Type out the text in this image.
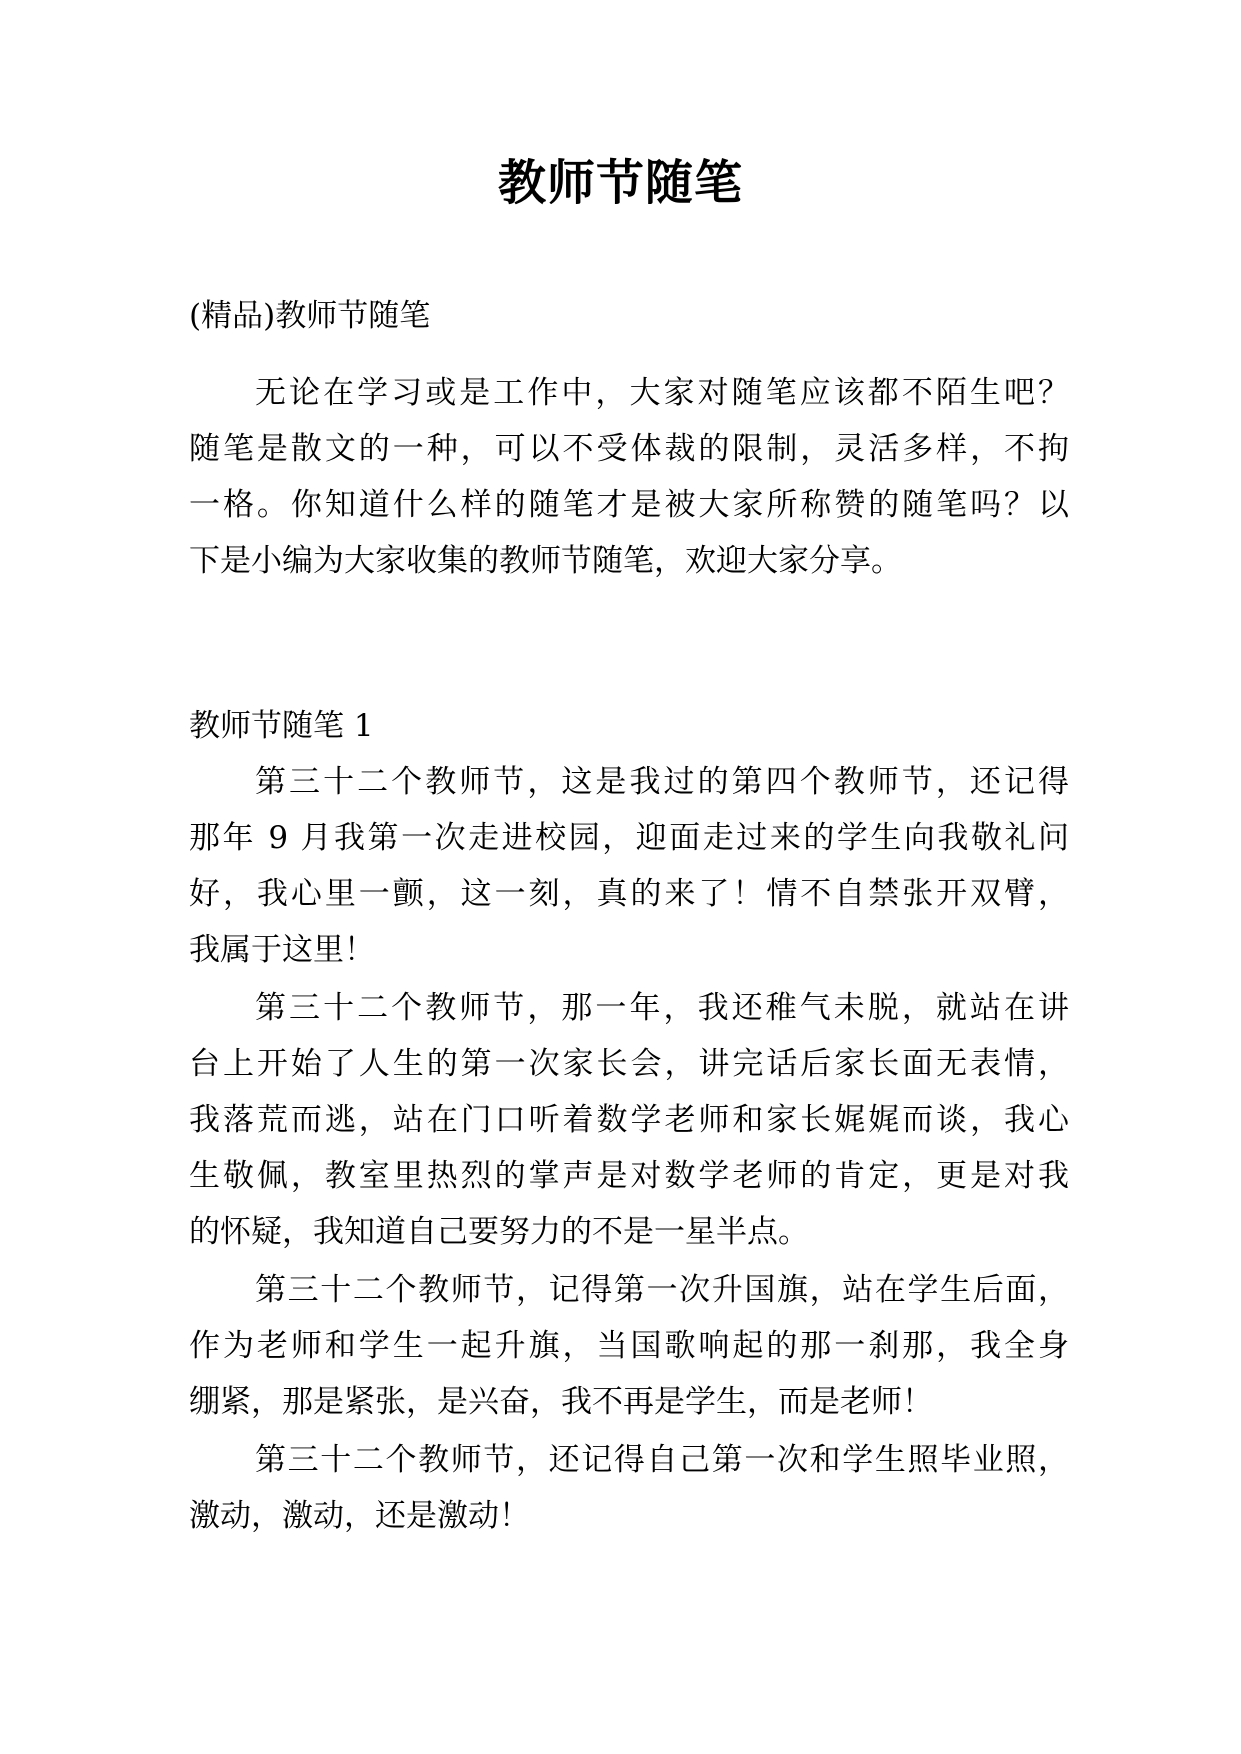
教师节随笔
(精品)教师节随笔
无论在学习或是工作中，大家对随笔应该都不陌生吧？
随笔是散文的一种，可以不受体裁的限制，灵活多样，不拘
一格。你知道什么样的随笔才是被大家所称赞的随笔吗？以
下是小编为大家收集的教师节随笔，欢迎大家分享。
教师节随笔 1
第三十二个教师节，这是我过的第四个教师节，还记得
那年 9 月我第一次走进校园，迎面走过来的学生向我敬礼问
好，我心里一颤，这一刻，真的来了！情不自禁张开双臂，
我属于这里！
第三十二个教师节，那一年，我还稚气未脱，就站在讲
台上开始了人生的第一次家长会，讲完话后家长面无表情，
我落荒而逃，站在门口听着数学老师和家长娓娓而谈，我心
生敬佩，教室里热烈的掌声是对数学老师的肯定，更是对我
的怀疑，我知道自己要努力的不是一星半点。
第三十二个教师节，记得第一次升国旗，站在学生后面，
作为老师和学生一起升旗，当国歌响起的那一刹那，我全身
绷紧，那是紧张，是兴奋，我不再是学生，而是老师！
第三十二个教师节，还记得自己第一次和学生照毕业照，
激动，激动，还是激动！
